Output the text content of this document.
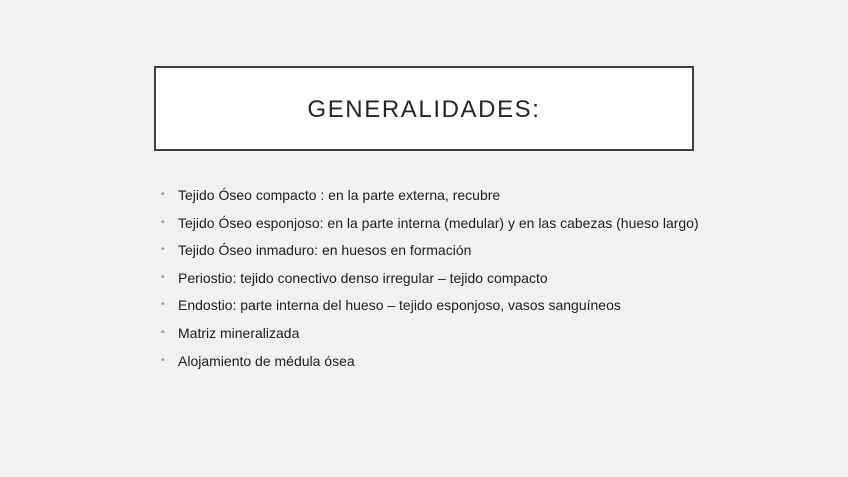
GENERALIDADES:
• Tejido Óseo compacto : en la parte externa, recubre
• Tejido Óseo esponjoso: en la parte interna (medular) y en las cabezas (hueso largo)
• Tejido Óseo inmaduro: en huesos en formación
• Periostio: tejido conectivo denso irregular – tejido compacto
• Endostio: parte interna del hueso – tejido esponjoso, vasos sanguíneos
• Matriz mineralizada
• Alojamiento de médula ósea
